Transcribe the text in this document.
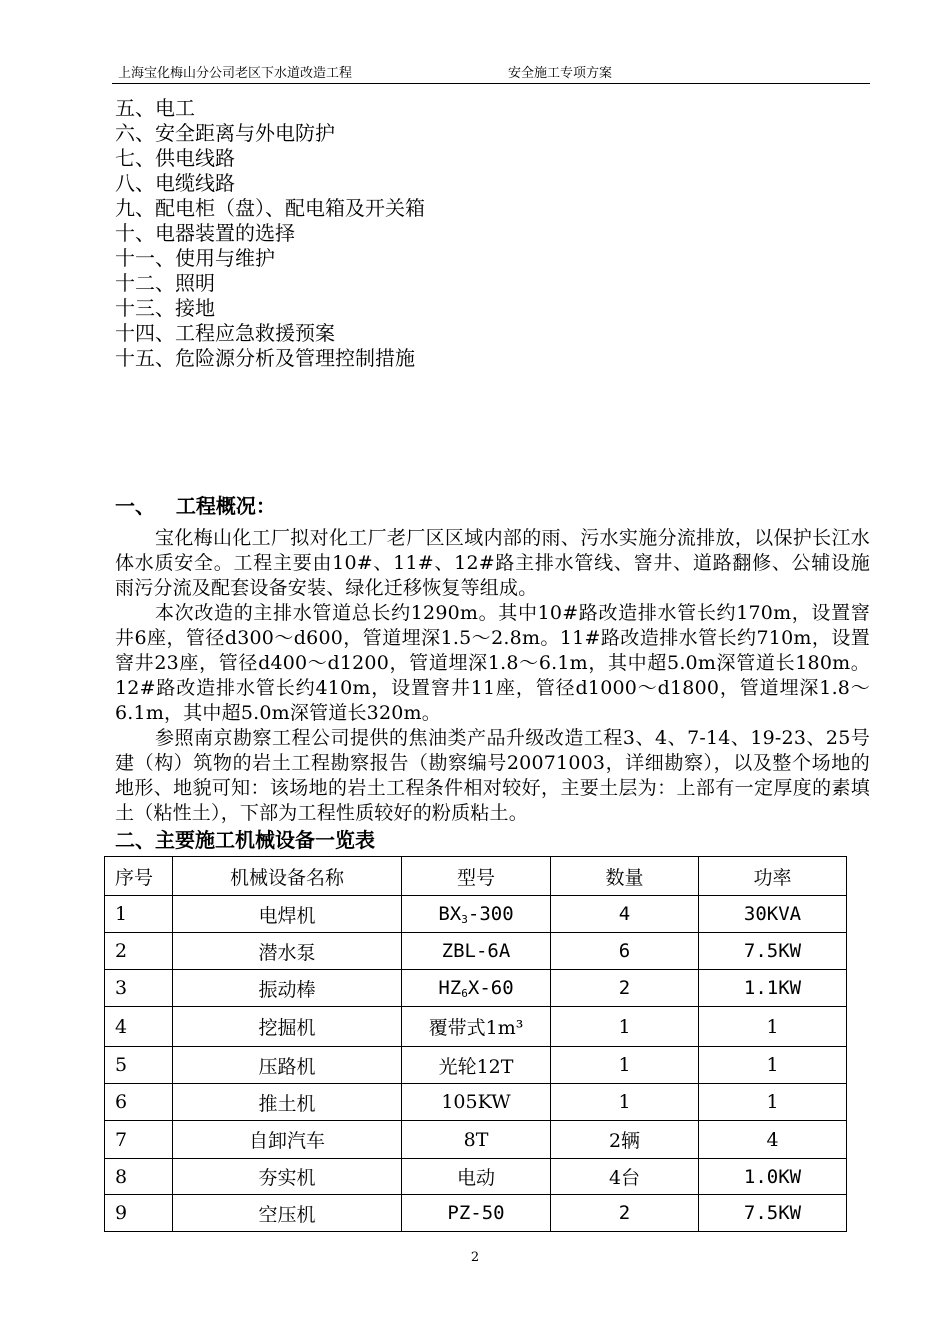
上海宝化梅山分公司老区下水道改造工程	安全施工专项方案
五、电工
六、安全距离与外电防护
七、供电线路
八、电缆线路
九、配电柜（盘）、配电箱及开关箱
十、电器装置的选择
十一、使用与维护
十二、照明
十三、接地
十四、工程应急救援预案
十五、危险源分析及管理控制措施
一、   工程概况：

宝化梅山化工厂拟对化工厂老厂区区域内部的雨、污水实施分流排放，以保护长江水体水质安全。工程主要由10#、11#、12#路主排水管线、窨井、道路翻修、公辅设施雨污分流及配套设备安装、绿化迁移恢复等组成。

本次改造的主排水管道总长约1290m。其中10#路改造排水管长约170m，设置窨井6座，管径d300～d600，管道埋深1.5～2.8m。11#路改造排水管长约710m，设置窨井23座，管径d400～d1200，管道埋深1.8～6.1m，其中超5.0m深管道长180m。12#路改造排水管长约410m，设置窨井11座，管径d1000～d1800，管道埋深1.8～6.1m，其中超5.0m深管道长320m。

参照南京勘察工程公司提供的焦油类产品升级改造工程3、4、7-14、19-23、25号建（构）筑物的岩土工程勘察报告（勘察编号20071003，详细勘察），以及整个场地的地形、地貌可知：该场地的岩土工程条件相对较好，主要土层为：上部有一定厚度的素填土（粘性土），下部为工程性质较好的粉质粘土。

二、主要施工机械设备一览表
序号	机械设备名称	型号	数量	功率
1	电焊机	$BX_3-300$	4	30KVA
2	潜水泵	ZBL-6A	6	7.5KW
3	振动棒	$HZ_6X-60$	2	1.1KW
4	挖掘机	覆带式1m³	1	1
5	压路机	光轮12T	1	1
6	推土机	105KW	1	1
7	自卸汽车	8T	2辆	4
8	夯实机	电动	4台	1.0KW
9	空压机	PZ-50	2	7.5KW
2
